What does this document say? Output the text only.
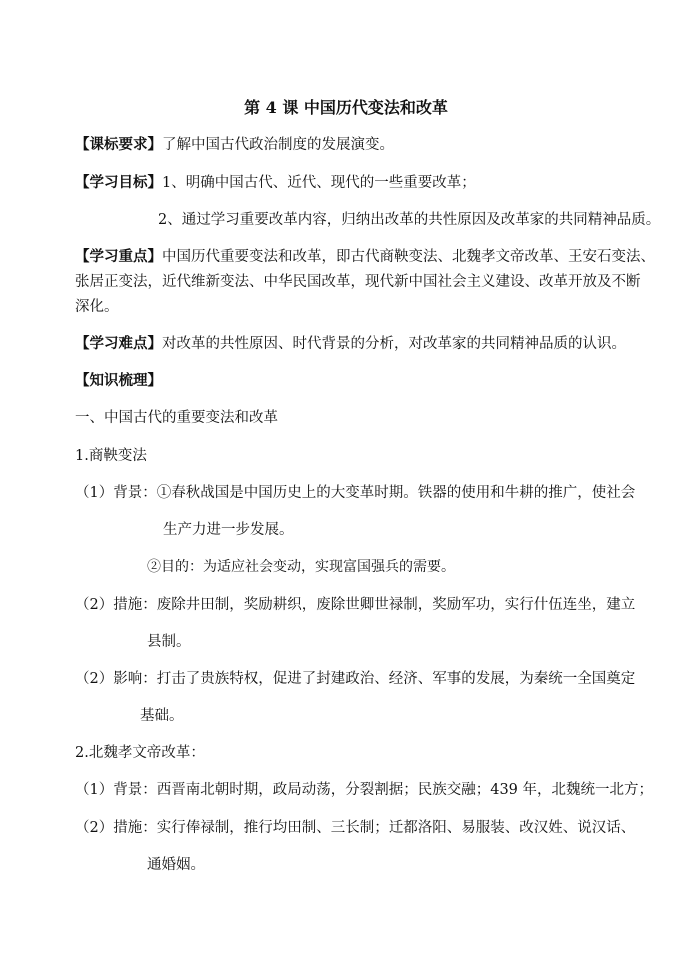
第 4 课 中国历代变法和改革
【课标要求】了解中国古代政治制度的发展演变。
【学习目标】1、明确中国古代、近代、现代的一些重要改革；
2、通过学习重要改革内容，归纳出改革的共性原因及改革家的共同精神品质。
【学习重点】中国历代重要变法和改革，即古代商鞅变法、北魏孝文帝改革、王安石变法、
张居正变法，近代维新变法、中华民国改革，现代新中国社会主义建设、改革开放及不断
深化。
【学习难点】对改革的共性原因、时代背景的分析，对改革家的共同精神品质的认识。
【知识梳理】
一、中国古代的重要变法和改革
1.商鞅变法
（1）背景：①春秋战国是中国历史上的大变革时期。铁器的使用和牛耕的推广，使社会
生产力进一步发展。
②目的：为适应社会变动，实现富国强兵的需要。
（2）措施：废除井田制，奖励耕织，废除世卿世禄制，奖励军功，实行什伍连坐，建立
县制。
（2）影响：打击了贵族特权，促进了封建政治、经济、军事的发展，为秦统一全国奠定
基础。
2.北魏孝文帝改革：
（1）背景：西晋南北朝时期，政局动荡，分裂割据；民族交融；439 年，北魏统一北方；
（2）措施：实行俸禄制，推行均田制、三长制；迁都洛阳、易服装、改汉姓、说汉话、
通婚姻。
